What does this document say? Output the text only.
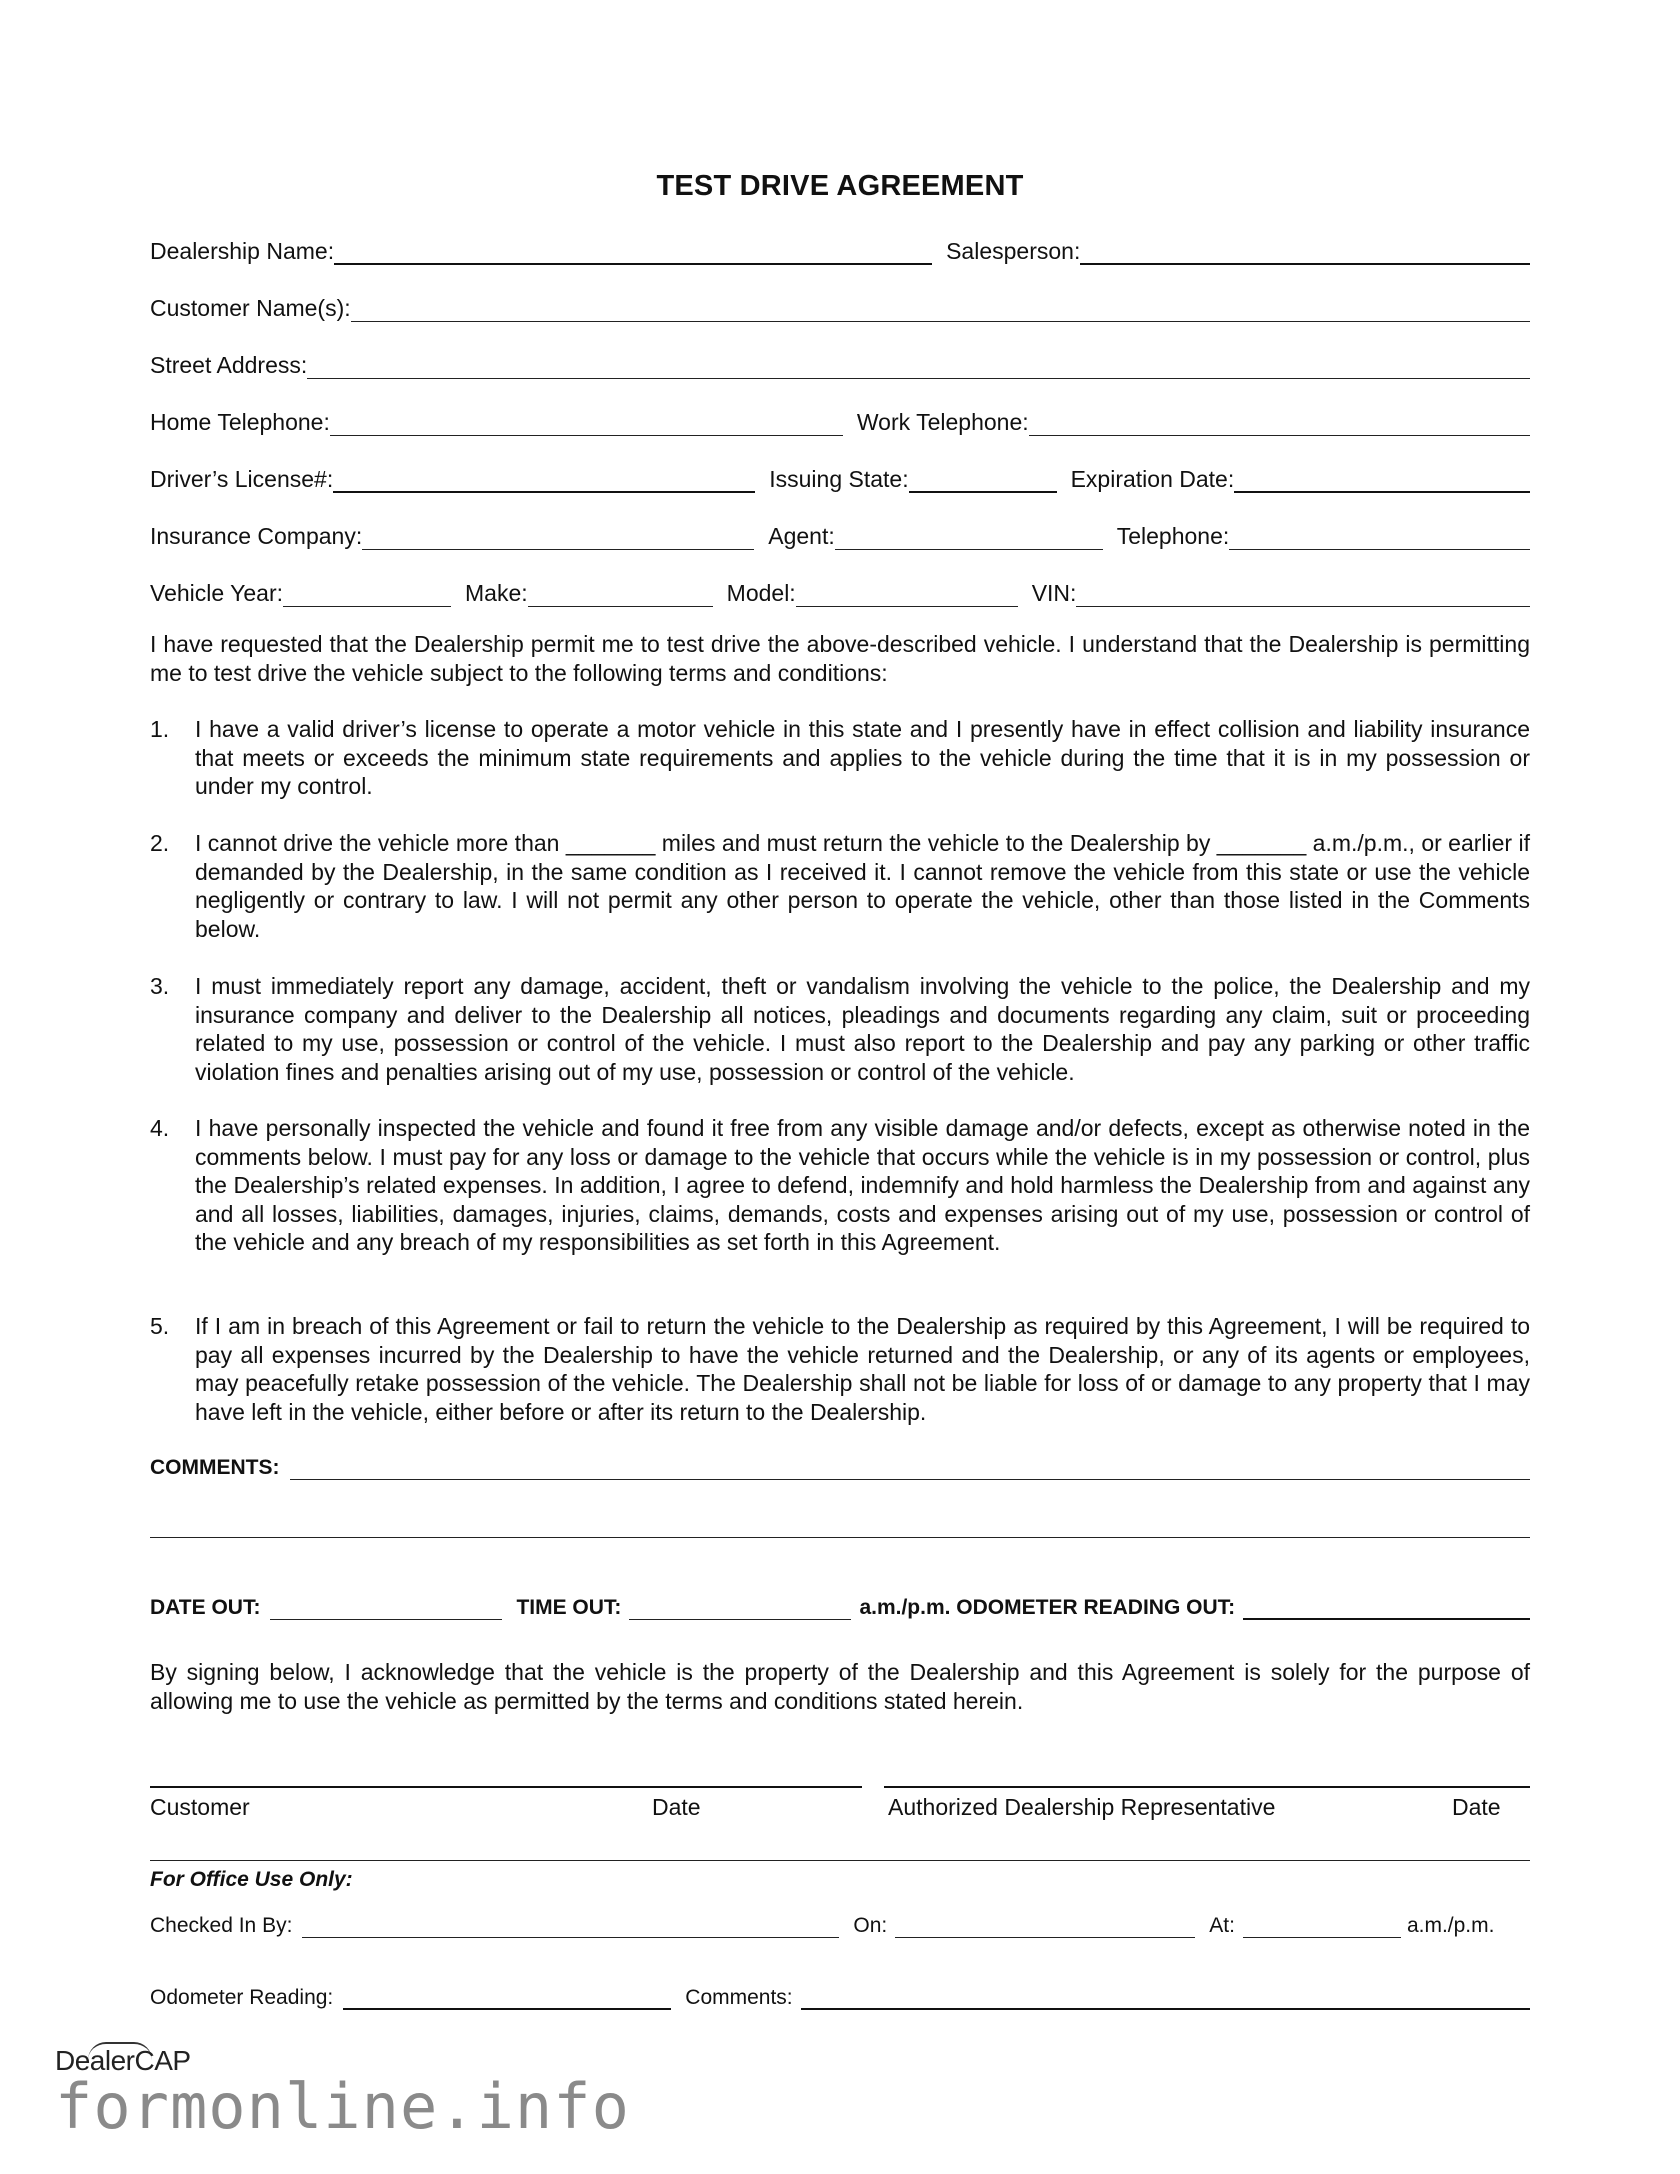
TEST DRIVE AGREEMENT
Dealership Name:	Salesperson:
Customer Name(s):
Street Address:
Home Telephone:	Work Telephone:
Driver’s License#:	Issuing State:	Expiration Date:
Insurance Company:	Agent:	Telephone:
Vehicle Year:	Make:	Model:	VIN:
I have requested that the Dealership permit me to test drive the above-described vehicle. I understand that the Dealership is permitting me to test drive the vehicle subject to the following terms and conditions:
1.	I have a valid driver’s license to operate a motor vehicle in this state and I presently have in effect collision and liability insurance that meets or exceeds the minimum state requirements and applies to the vehicle during the time that it is in my possession or under my control.
2.	I cannot drive the vehicle more than _______ miles and must return the vehicle to the Dealership by _______ a.m./p.m., or earlier if demanded by the Dealership, in the same condition as I received it. I cannot remove the vehicle from this state or use the vehicle negligently or contrary to law. I will not permit any other person to operate the vehicle, other than those listed in the Comments below.
3.	I must immediately report any damage, accident, theft or vandalism involving the vehicle to the police, the Dealership and my insurance company and deliver to the Dealership all notices, pleadings and documents regarding any claim, suit or proceeding related to my use, possession or control of the vehicle. I must also report to the Dealership and pay any parking or other traffic violation fines and penalties arising out of my use, possession or control of the vehicle.
4.	I have personally inspected the vehicle and found it free from any visible damage and/or defects, except as otherwise noted in the comments below. I must pay for any loss or damage to the vehicle that occurs while the vehicle is in my possession or control, plus the Dealership’s related expenses. In addition, I agree to defend, indemnify and hold harmless the Dealership from and against any and all losses, liabilities, damages, injuries, claims, demands, costs and expenses arising out of my use, possession or control of the vehicle and any breach of my responsibilities as set forth in this Agreement.
5.	If I am in breach of this Agreement or fail to return the vehicle to the Dealership as required by this Agreement, I will be required to pay all expenses incurred by the Dealership to have the vehicle returned and the Dealership, or any of its agents or employees, may peacefully retake possession of the vehicle. The Dealership shall not be liable for loss of or damage to any property that I may have left in the vehicle, either before or after its return to the Dealership.
COMMENTS:
DATE OUT:	TIME OUT:	a.m./p.m. ODOMETER READING OUT:
By signing below, I acknowledge that the vehicle is the property of the Dealership and this Agreement is solely for the purpose of allowing me to use the vehicle as permitted by the terms and conditions stated herein.
Customer	Date	Authorized Dealership Representative	Date
For Office Use Only:
Checked In By:	On:	At:	a.m./p.m.
Odometer Reading:	Comments:
DealerCAP
formonline.info
